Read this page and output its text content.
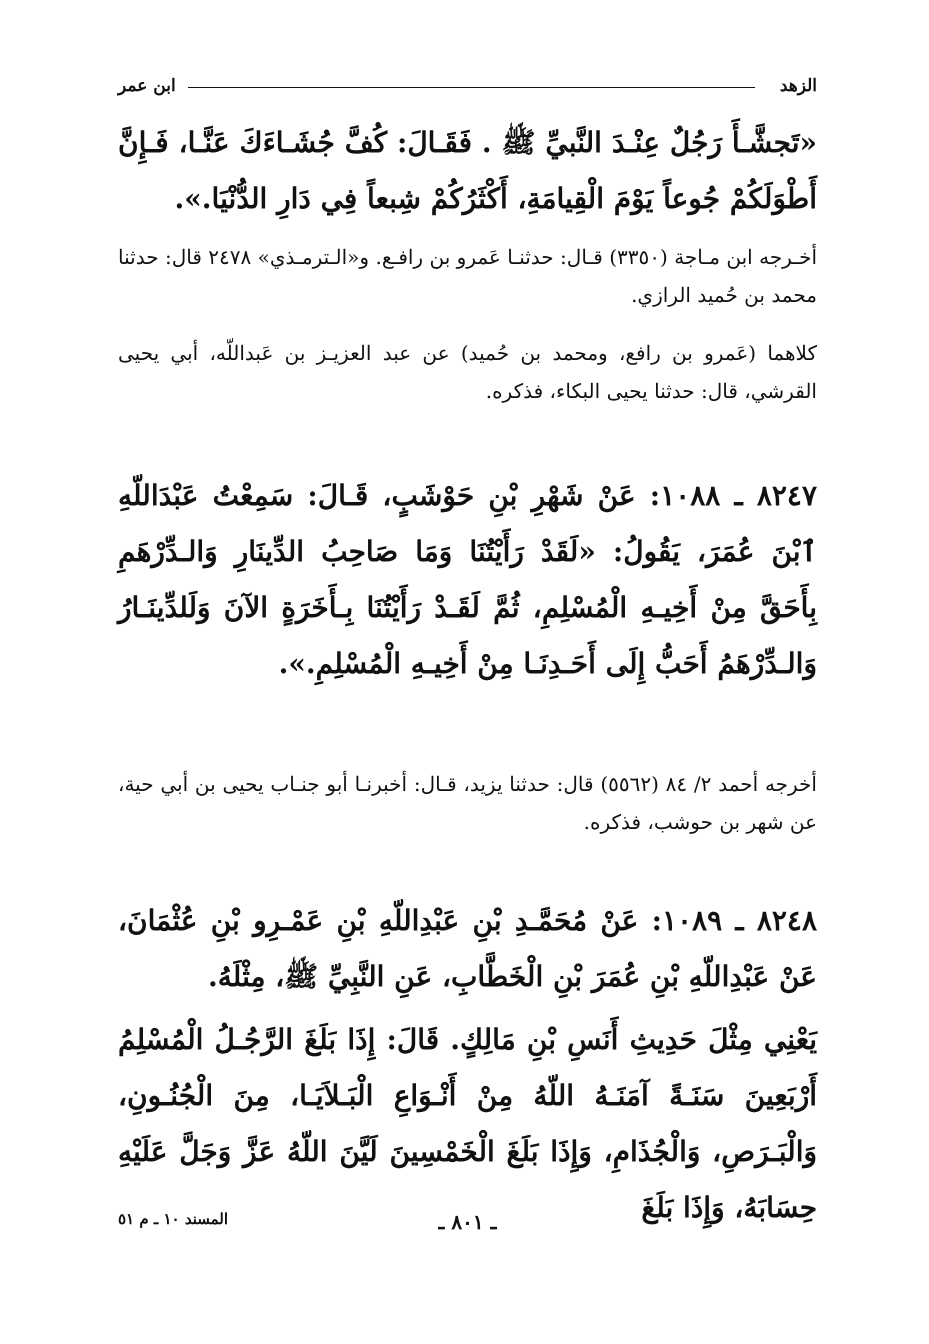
الزهد
ابن عمر

«تَجشَّـأَ رَجُلٌ عِنْـدَ النَّبيِّ ﷺ . فَقَـالَ: كُفَّ جُشَـاءَكَ عَنَّـا، فَـإِنَّ أَطْوَلَكُمْ جُوعاً يَوْمَ الْقِيامَةِ، أَكْثَرُكُمْ شِبعاً فِي دَارِ الدُّنْيَا.».

أخـرجه ابن مـاجة (٣٣٥٠) قـال: حدثنـا عَمرو بن رافـع. و«الـترمـذي» ٢٤٧٨ قال: حدثنا محمد بن حُميد الرازي.

كلاهما (عَمرو بن رافع، ومحمد بن حُميد) عن عبد العزيـز بن عَبداللّه، أبي يحيى القرشي، قال: حدثنا يحيى البكاء، فذكره.

٨٢٤٧ ـ ١٠٨٨: عَنْ شَهْرِ بْنِ حَوْشَبٍ، قَـالَ: سَمِعْتُ عَبْدَاللّهِ ٱبْنَ عُمَرَ، يَقُولُ: «لَقَدْ رَأَيْتُنَا وَمَا صَاحِبُ الدِّينَارِ وَالـدِّرْهَمِ بِأَحَقَّ مِنْ أَخِيـهِ الْمُسْلِمِ، ثُمَّ لَقَـدْ رَأَيْتُنَا بِـأَخَرَةٍ الآنَ وَلَلدِّينَـارُ وَالـدِّرْهَمُ أَحَبُّ إِلَى أَحَـدِنَـا مِنْ أَخِيـهِ الْمُسْلِمِ.».

أخرجه أحمد ٢/ ٨٤ (٥٥٦٢) قال: حدثنا يزيد، قـال: أخبرنـا أبو جنـاب يحيى بن أبي حية، عن شهر بن حوشب، فذكره.

٨٢٤٨ ـ ١٠٨٩: عَنْ مُحَمَّـدِ بْنِ عَبْدِاللّهِ بْنِ عَمْـرِو بْنِ عُثْمَانَ، عَنْ عَبْدِاللّهِ بْنِ عُمَرَ بْنِ الْخَطَّابِ، عَنِ النَّبِيِّ ﷺ، مِثْلَهُ.

يَعْنِي مِثْلَ حَدِيثِ أَنَسِ بْنِ مَالِكٍ. قَالَ: إِذَا بَلَغَ الرَّجُـلُ الْمُسْلِمُ أَرْبَعِينَ سَنَـةً آمَنَـهُ اللّهُ مِنْ أَنْـوَاعِ الْبَـلاَيَـا، مِنَ الْجُنُـونِ، وَالْبَـرَصِ، وَالْجُذَامِ، وَإِذَا بَلَغَ الْخَمْسِينَ لَيَّنَ اللّهُ عَزَّ وَجَلَّ عَلَيْهِ حِسَابَهُ، وَإِذَا بَلَغَ

ـ ٨٠١ ـ
المسند ١٠ ـ م ٥١
